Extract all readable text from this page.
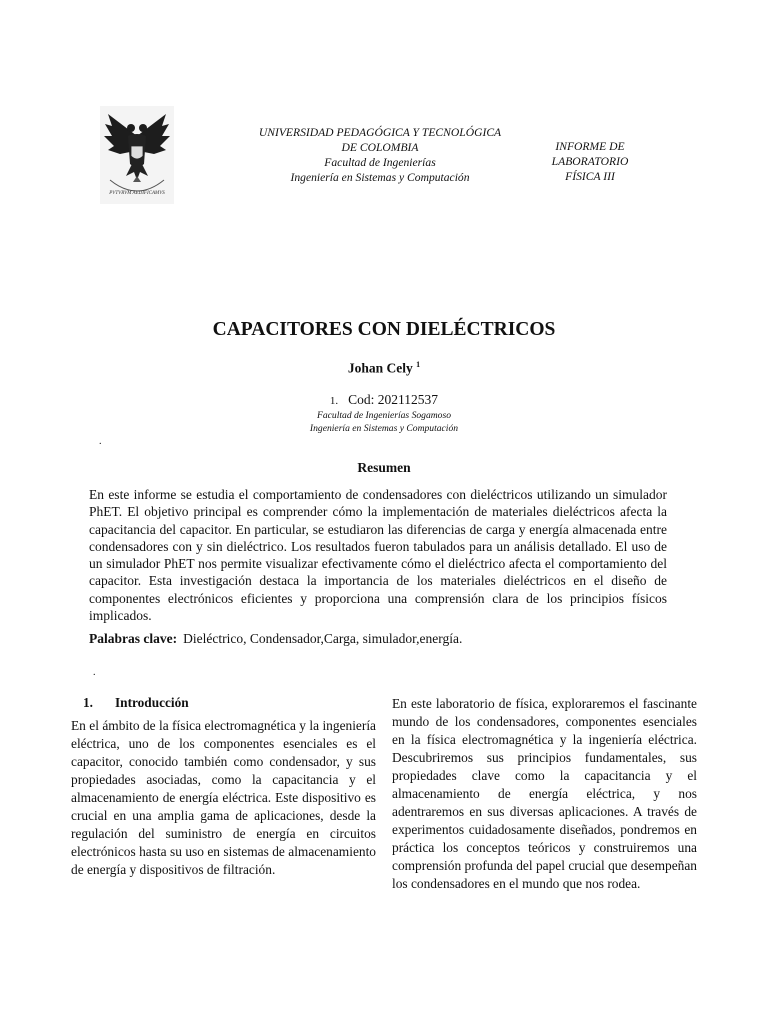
PVTVRVM AEDIFICAMVS
UNIVERSIDAD PEDAGÓGICA Y TECNOLÓGICA
DE COLOMBIA
Facultad de Ingenierías
Ingeniería en Sistemas y Computación
INFORME DE
LABORATORIO
FÍSICA III
CAPACITORES CON DIELÉCTRICOS
Johan Cely $^1$
1. Cod: 202112537
Facultad de Ingenierías Sogamoso
Ingeniería en Sistemas y Computación
.
Resumen
En este informe se estudia el comportamiento de condensadores con dieléctricos utilizando un simulador PhET. El objetivo principal es comprender cómo la implementación de materiales dieléctricos afecta la capacitancia del capacitor. En particular, se estudiaron las diferencias de carga y energía almacenada entre condensadores con y sin dieléctrico. Los resultados fueron tabulados para un análisis detallado. El uso de un simulador PhET nos permite visualizar efectivamente cómo el dieléctrico afecta el comportamiento del capacitor. Esta investigación destaca la importancia de los materiales dieléctricos en el diseño de componentes electrónicos eficientes y proporciona una comprensión clara de los principios físicos implicados.
Palabras clave: Dieléctrico, Condensador,Carga, simulador,energía.
.
1. Introducción
En el ámbito de la física electromagnética y la ingeniería eléctrica, uno de los componentes esenciales es el capacitor, conocido también como condensador, y sus propiedades asociadas, como la capacitancia y el almacenamiento de energía eléctrica. Este dispositivo es crucial en una amplia gama de aplicaciones, desde la regulación del suministro de energía en circuitos electrónicos hasta su uso en sistemas de almacenamiento de energía y dispositivos de filtración.
En este laboratorio de física, exploraremos el fascinante mundo de los condensadores, componentes esenciales en la física electromagnética y la ingeniería eléctrica. Descubriremos sus principios fundamentales, sus propiedades clave como la capacitancia y el almacenamiento de energía eléctrica, y nos adentraremos en sus diversas aplicaciones. A través de experimentos cuidadosamente diseñados, pondremos en práctica los conceptos teóricos y construiremos una comprensión profunda del papel crucial que desempeñan los condensadores en el mundo que nos rodea.
